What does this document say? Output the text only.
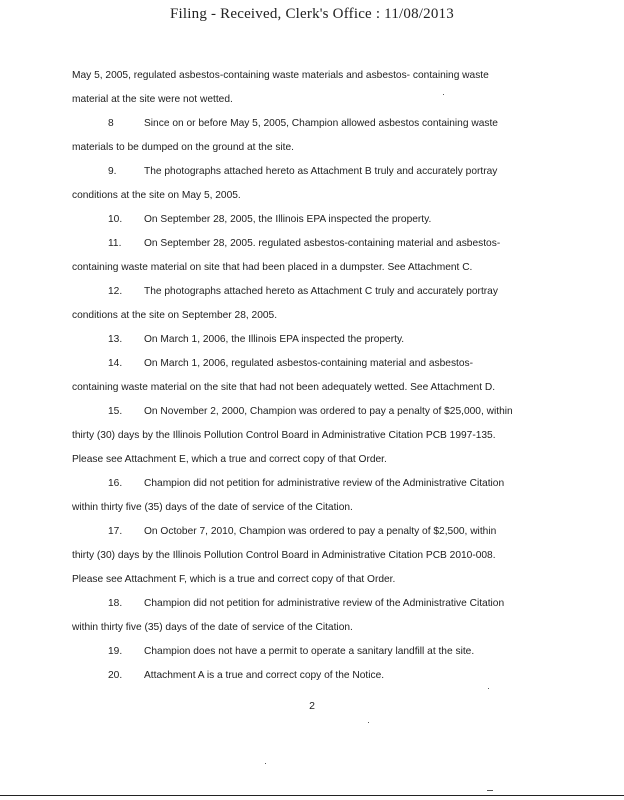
Filing - Received, Clerk's Office : 11/08/2013

May 5, 2005, regulated asbestos-containing waste materials and asbestos- containing waste

material at the site were not wetted.

8	Since on or before May 5, 2005, Champion allowed asbestos containing waste

materials to be dumped on the ground at the site.

9.	The photographs attached hereto as Attachment B truly and accurately portray

conditions at the site on May 5, 2005.

10. On September 28, 2005, the Illinois EPA inspected the property.

11. On September 28, 2005. regulated asbestos-containing material and asbestos-

containing waste material on site that had been placed in a dumpster. See Attachment C.

12. The photographs attached hereto as Attachment C truly and accurately portray

conditions at the site on September 28, 2005.

13. On March 1, 2006, the Illinois EPA inspected the property.

14. On March 1, 2006, regulated asbestos-containing material and asbestos-

containing waste material on the site that had not been adequately wetted. See Attachment D.

15. On November 2, 2000, Champion was ordered to pay a penalty of $25,000, within

thirty (30) days by the Illinois Pollution Control Board in Administrative Citation PCB 1997-135.

Please see Attachment E, which a true and correct copy of that Order.

16. Champion did not petition for administrative review of the Administrative Citation

within thirty five (35) days of the date of service of the Citation.

17. On October 7, 2010, Champion was ordered to pay a penalty of $2,500, within

thirty (30) days by the Illinois Pollution Control Board in Administrative Citation PCB 2010-008.

Please see Attachment F, which is a true and correct copy of that Order.

18. Champion did not petition for administrative review of the Administrative Citation

within thirty five (35) days of the date of service of the Citation.

19. Champion does not have a permit to operate a sanitary landfill at the site.

20. Attachment A is a true and correct copy of the Notice.

2
